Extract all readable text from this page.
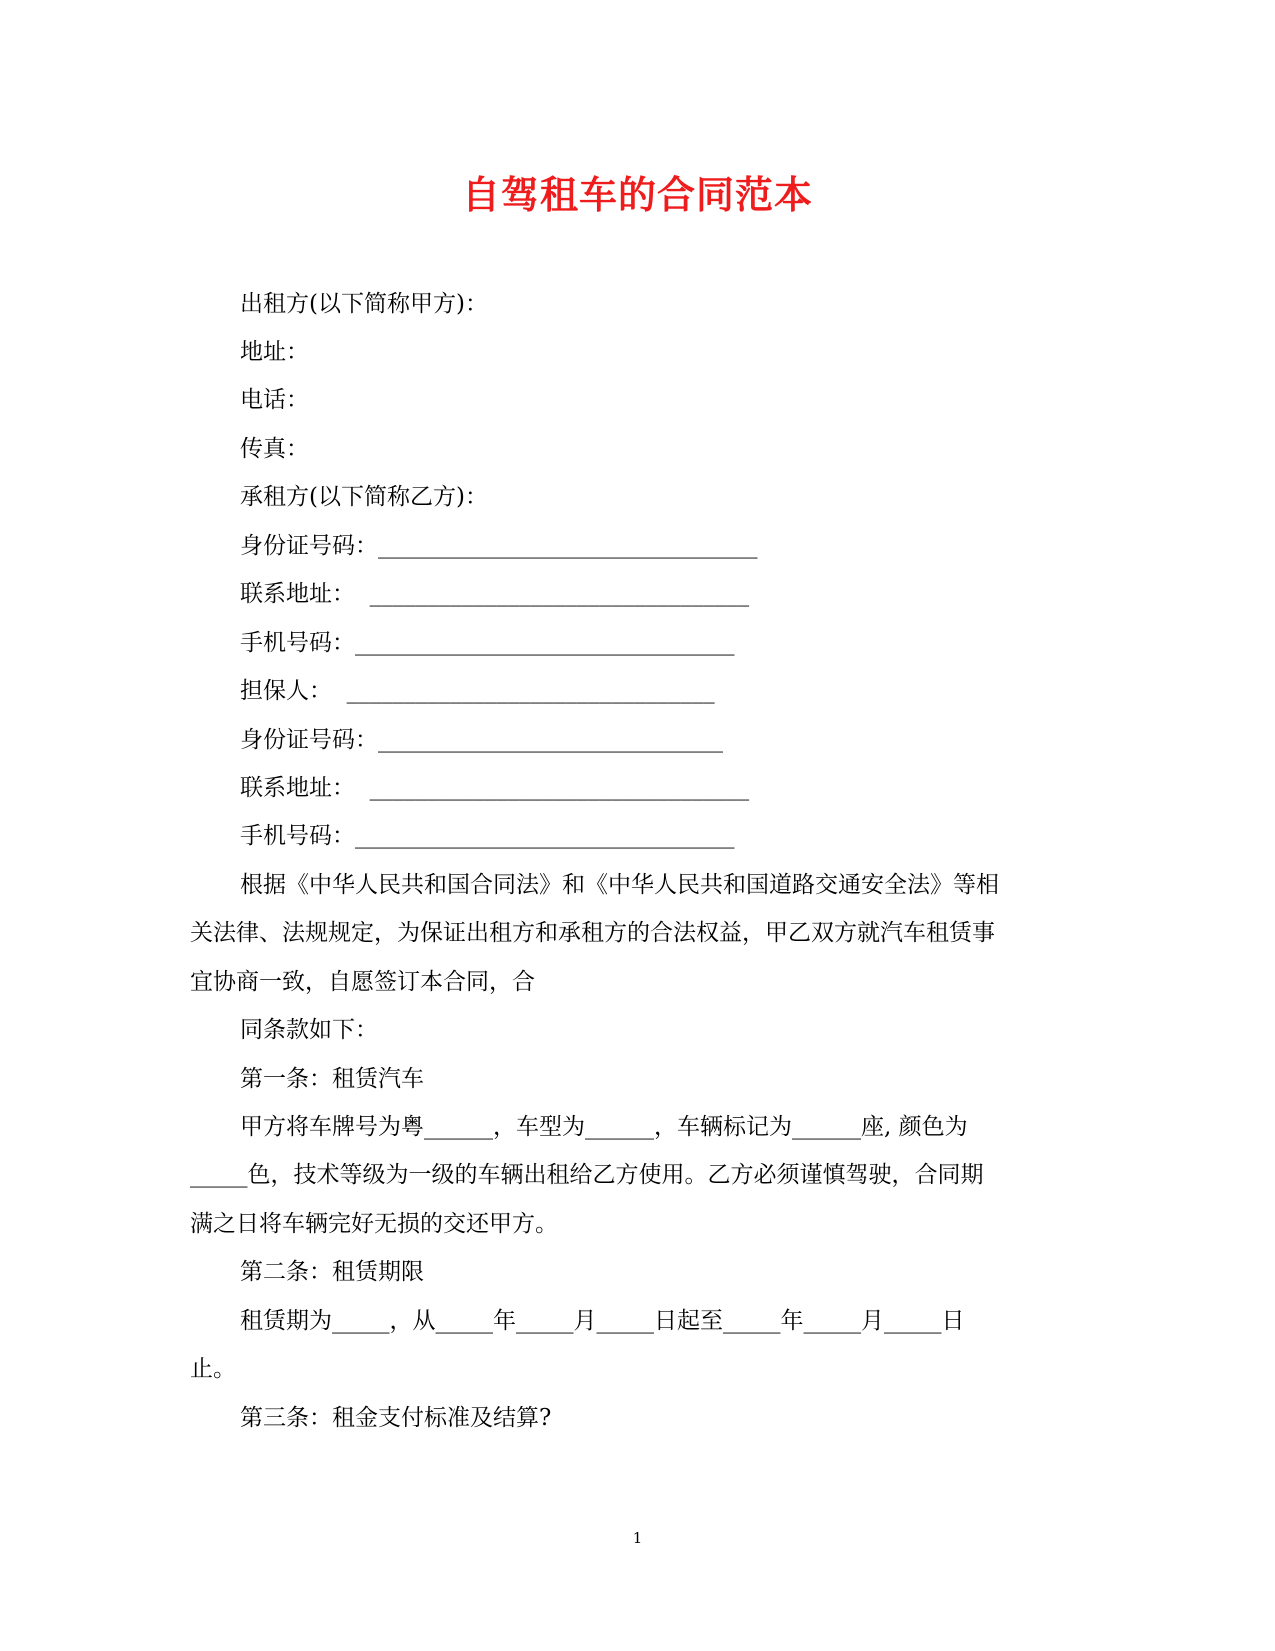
自驾租车的合同范本
出租方(以下简称甲方)：
地址：
电话：
传真：
承租方(以下简称乙方)：
身份证号码：_________________________________
联系地址：  _________________________________
手机号码：_________________________________
担保人：  ________________________________
身份证号码：______________________________
联系地址：  _________________________________
手机号码：_________________________________
根据《中华人民共和国合同法》和《中华人民共和国道路交通安全法》等相
关法律、法规规定，为保证出租方和承租方的合法权益，甲乙双方就汽车租赁事
宜协商一致，自愿签订本合同，合
同条款如下：
第一条：租赁汽车
甲方将车牌号为粤______，车型为______，车辆标记为______座, 颜色为
_____色，技术等级为一级的车辆出租给乙方使用。乙方必须谨慎驾驶，合同期
满之日将车辆完好无损的交还甲方。
第二条：租赁期限
租赁期为_____，从_____年_____月_____日起至_____年_____月_____日
止。
第三条：租金支付标准及结算?
1
